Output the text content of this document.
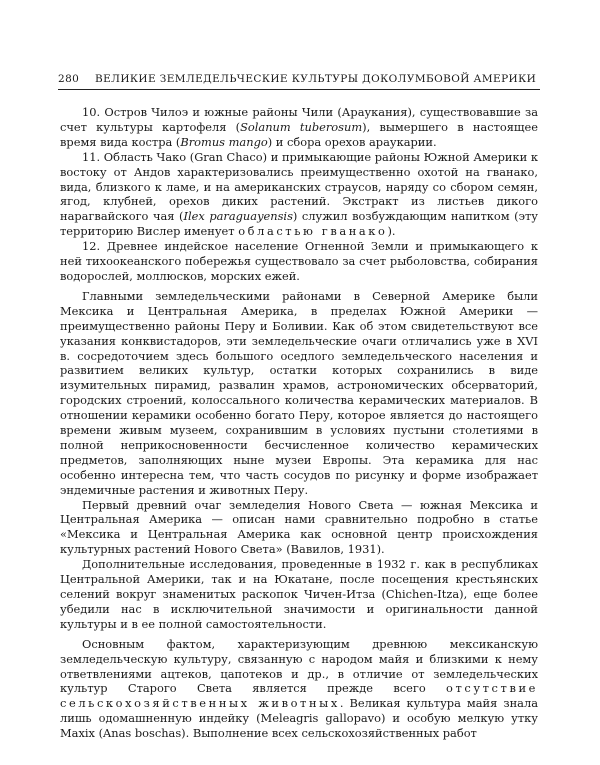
280 ВЕЛИКИЕ ЗЕМЛЕДЕЛЬЧЕСКИЕ КУЛЬТУРЫ ДОКОЛУМБОВОЙ АМЕРИКИ

10. Остров Чилоэ и южные районы Чили (Араукания), существовавшие за счет культуры картофеля (Solanum tuberosum), вымершего в настоящее время вида костра (Bromus mango) и сбора орехов араукарии.

11. Область Чако (Gran Chaco) и примыкающие районы Южной Америки к востоку от Андов характеризовались преимущественно охотой на гванако, вида, близкого к ламе, и на американских страусов, наряду со сбором семян, ягод, клубней, орехов диких растений. Экстракт из листьев дикого нарагвайского чая (Ilex paraguayensis) служил возбуждающим напитком (эту территорию Вислер именует областью гванако).

12. Древнее индейское население Огненной Земли и примыкающего к ней тихоокеанского побережья существовало за счет рыболовства, собирания водорослей, моллюсков, морских ежей.

Главными земледельческими районами в Северной Америке были Мексика и Центральная Америка, в пределах Южной Америки — преимущественно районы Перу и Боливии. Как об этом свидетельствуют все указания конквистадоров, эти земледельческие очаги отличались уже в XVI в. сосредоточием здесь большого оседлого земледельческого населения и развитием великих культур, остатки которых сохранились в виде изумительных пирамид, развалин храмов, астрономических обсерваторий, городских строений, колоссального количества керамических материалов. В отношении керамики особенно богато Перу, которое является до настоящего времени живым музеем, сохранившим в условиях пустыни столетиями в полной неприкосновенности бесчисленное количество керамических предметов, заполняющих ныне музеи Европы. Эта керамика для нас особенно интересна тем, что часть сосудов по рисунку и форме изображает эндемичные растения и животных Перу.

Первый древний очаг земледелия Нового Света — южная Мексика и Центральная Америка — описан нами сравнительно подробно в статье «Мексика и Центральная Америка как основной центр происхождения культурных растений Нового Света» (Вавилов, 1931).

Дополнительные исследования, проведенные в 1932 г. как в республиках Центральной Америки, так и на Юкатане, после посещения крестьянских селений вокруг знаменитых раскопок Чичен-Итза (Chichen-Itza), еще более убедили нас в исключительной значимости и оригинальности данной культуры и в ее полной самостоятельности.

Основным фактом, характеризующим древнюю мексиканскую земледельческую культуру, связанную с народом майя и близкими к нему ответвлениями ацтеков, цапотеков и др., в отличие от земледельческих культур Старого Света является прежде всего отсутствие сельскохозяйственных животных. Великая культура майя знала лишь одомашненную индейку (Meleagris gallopavo) и особую мелкую утку Maxix (Anas boschas). Выполнение всех сельскохозяйственных работ
